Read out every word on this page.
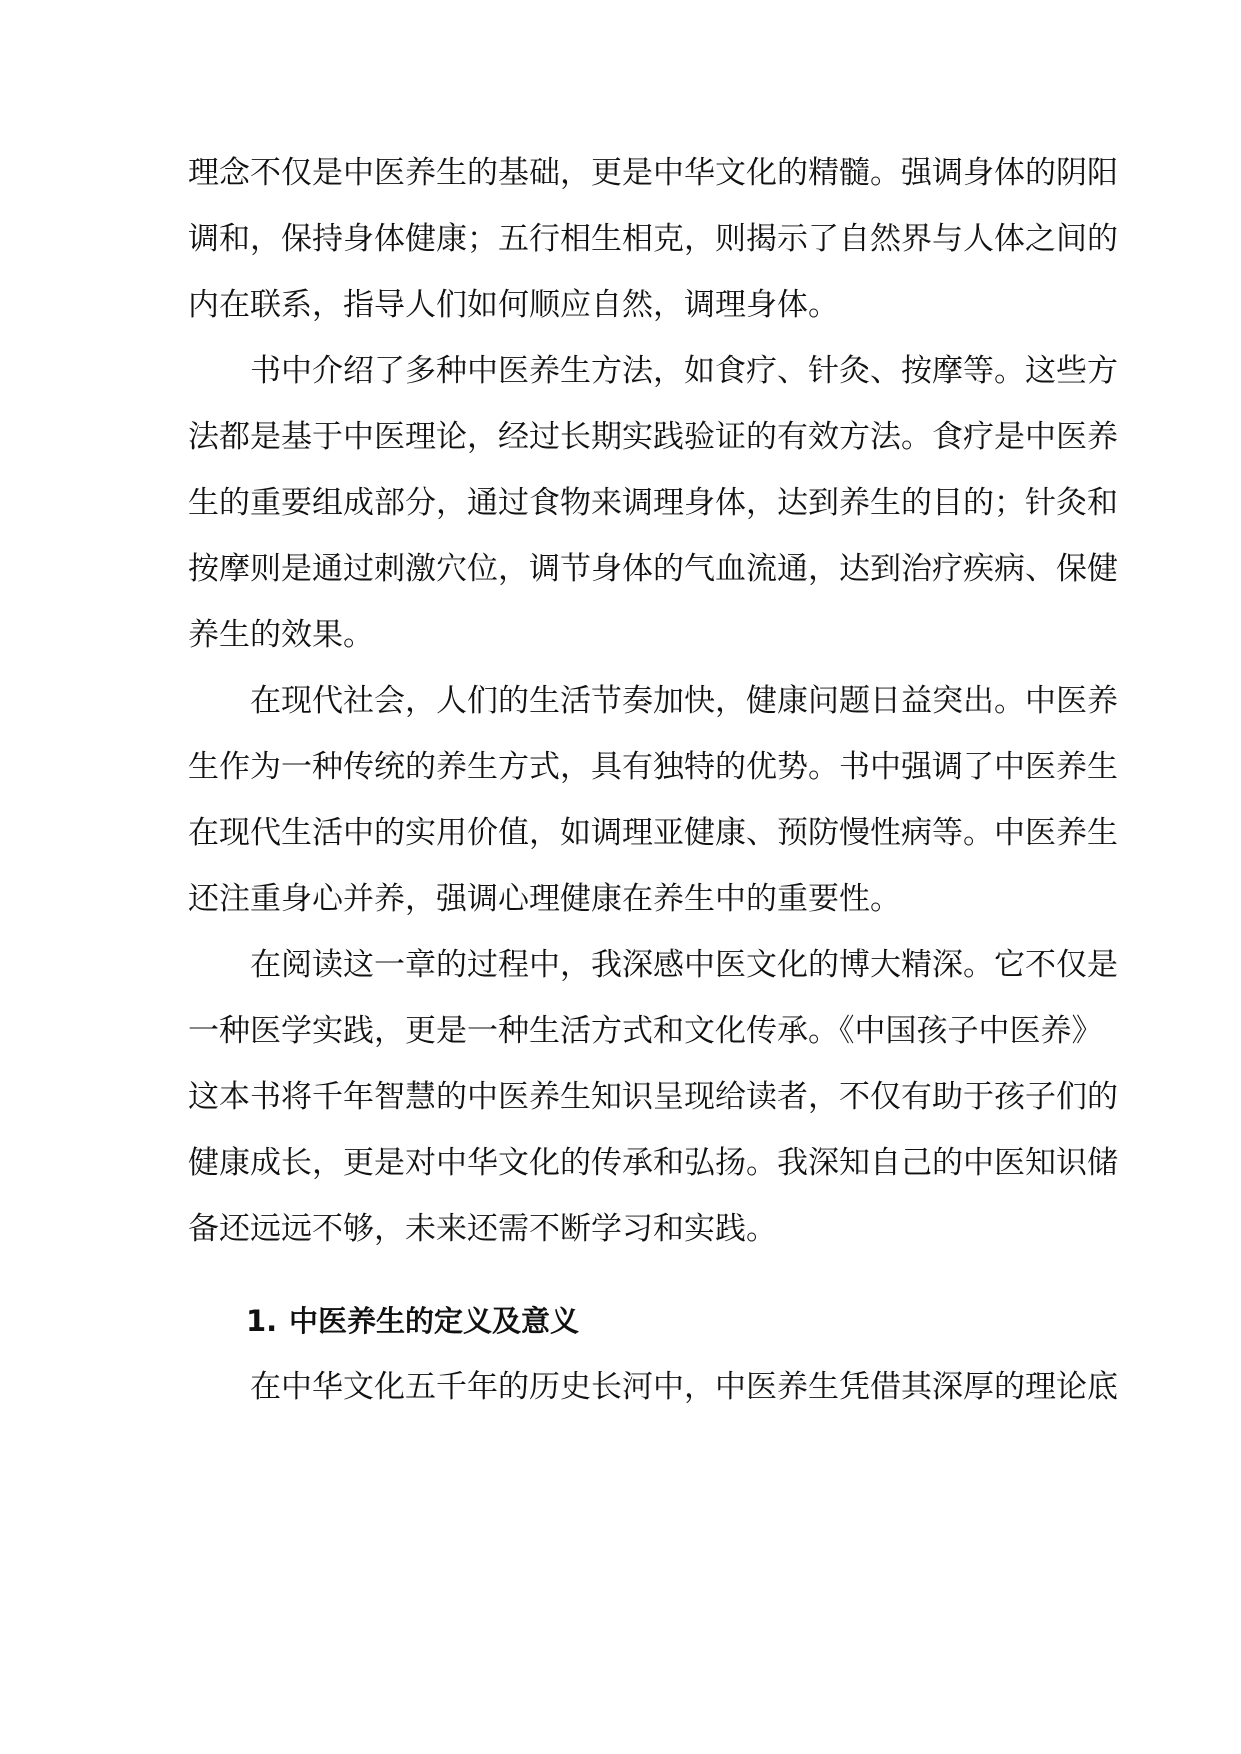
理念不仅是中医养生的基础，更是中华文化的精髓。强调身体的阴阳
调和，保持身体健康；五行相生相克，则揭示了自然界与人体之间的
内在联系，指导人们如何顺应自然，调理身体。
书中介绍了多种中医养生方法，如食疗、针灸、按摩等。这些方
法都是基于中医理论，经过长期实践验证的有效方法。食疗是中医养
生的重要组成部分，通过食物来调理身体，达到养生的目的；针灸和
按摩则是通过刺激穴位，调节身体的气血流通，达到治疗疾病、保健
养生的效果。
在现代社会，人们的生活节奏加快，健康问题日益突出。中医养
生作为一种传统的养生方式，具有独特的优势。书中强调了中医养生
在现代生活中的实用价值，如调理亚健康、预防慢性病等。中医养生
还注重身心并养，强调心理健康在养生中的重要性。
在阅读这一章的过程中，我深感中医文化的博大精深。它不仅是
一种医学实践，更是一种生活方式和文化传承。《中国孩子中医养》
这本书将千年智慧的中医养生知识呈现给读者，不仅有助于孩子们的
健康成长，更是对中华文化的传承和弘扬。我深知自己的中医知识储
备还远远不够，未来还需不断学习和实践。
1. 中医养生的定义及意义
在中华文化五千年的历史长河中，中医养生凭借其深厚的理论底
